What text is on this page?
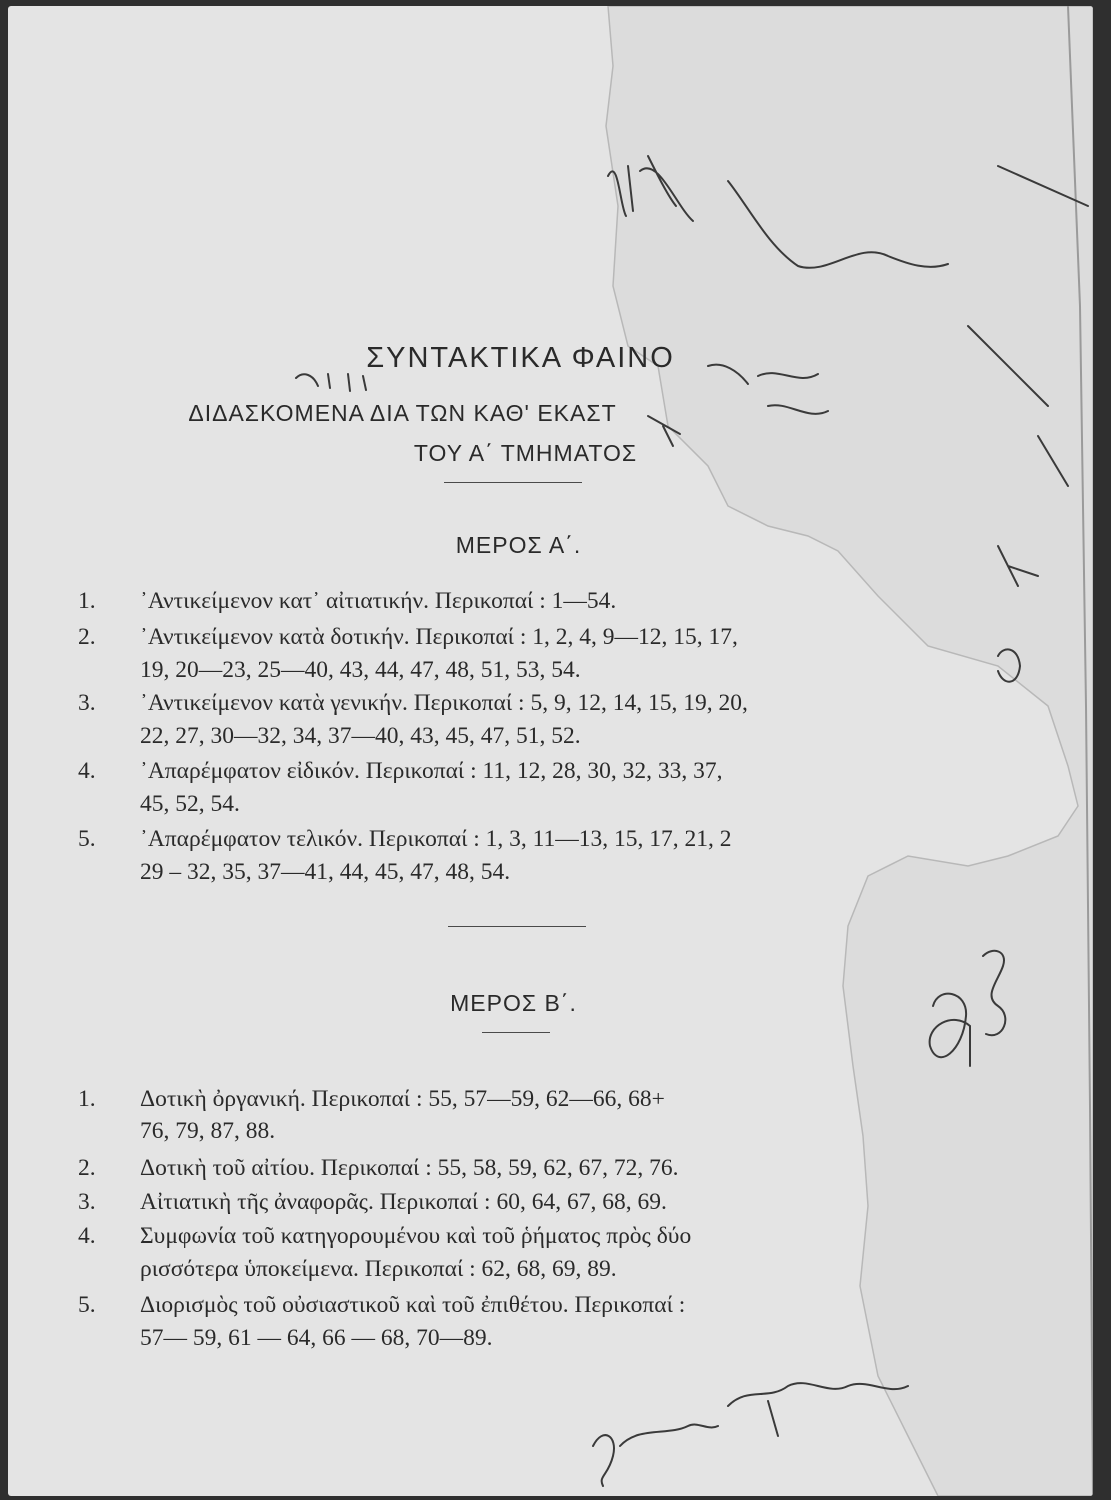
ΣΥΝΤΑΚΤΙΚΑ ΦΑΙΝΟ
ΔΙΔΑΣΚΟΜΕΝΑ ΔΙΑ ΤΩΝ ΚΑΘ' ΕΚΑΣΤ
ΤΟΥ Α΄ ΤΜΗΜΑΤΟΣ
ΜΕΡΟΣ Α΄.
1.	᾿Αντικείμενον κατ᾿ αἰτιατικήν. Περικοπαί : 1—54.
2.	᾿Αντικείμενον κατὰ δοτικήν. Περικοπαί : 1, 2, 4, 9—12, 15, 17,
19, 20—23, 25—40, 43, 44, 47, 48, 51, 53, 54.
3.	᾿Αντικείμενον κατὰ γενικήν. Περικοπαί : 5, 9, 12, 14, 15, 19, 20,
22, 27, 30—32, 34, 37—40, 43, 45, 47, 51, 52.
4.	᾿Απαρέμφατον εἰδικόν. Περικοπαί : 11, 12, 28, 30, 32, 33, 37,
45, 52, 54.
5.	᾿Απαρέμφατον τελικόν. Περικοπαί : 1, 3, 11—13, 15, 17, 21, 2
29 – 32, 35, 37—41, 44, 45, 47, 48, 54.
ΜΕΡΟΣ Β΄.
1.	Δοτικὴ ὀργανική. Περικοπαί : 55, 57—59, 62—66, 68+
76, 79, 87, 88.
2.	Δοτικὴ τοῦ αἰτίου. Περικοπαί : 55, 58, 59, 62, 67, 72, 76.
3.	Αἰτιατικὴ τῆς ἀναφορᾶς. Περικοπαί : 60, 64, 67, 68, 69.
4.	Συμφωνία τοῦ κατηγορουμένου καὶ τοῦ ῥήματος πρὸς δύο
ρισσότερα ὑποκείμενα. Περικοπαί : 62, 68, 69, 89.
5.	Διορισμὸς τοῦ οὐσιαστικοῦ καὶ τοῦ ἐπιθέτου. Περικοπαί :
57— 59, 61 — 64, 66 — 68, 70—89.
